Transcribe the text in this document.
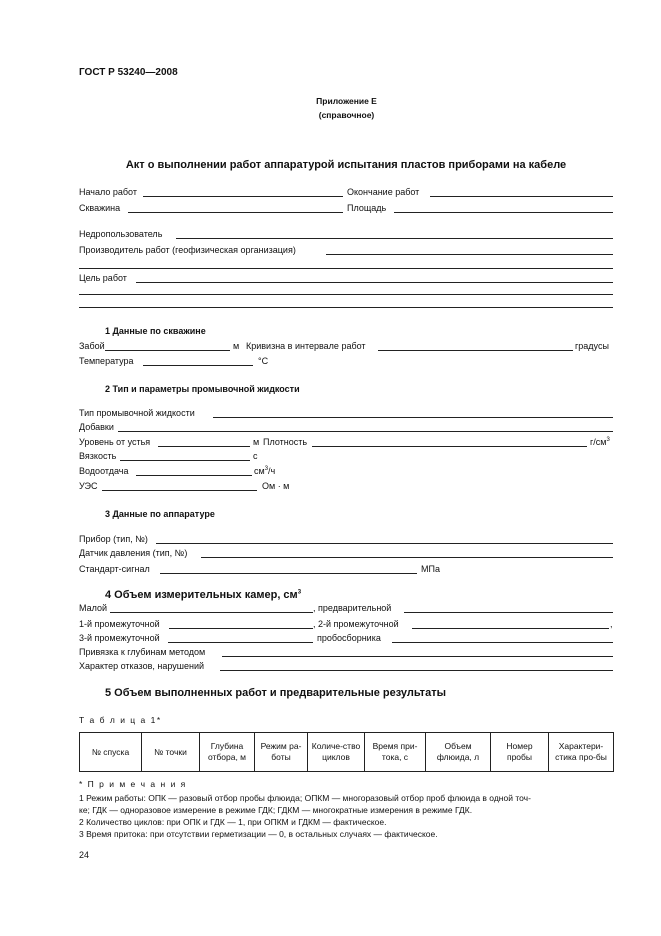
ГОСТ Р 53240—2008
Приложение Е
(справочное)
Акт о выполнении работ аппаратурой испытания пластов приборами на кабеле
Начало работ	Окончание работ
Скважина	Площадь
Недропользователь
Производитель работ (геофизическая организация)
Цель работ
1 Данные по скважине
Забой	м Кривизна в интервале работ	градусы
Температура	°С
2 Тип и параметры промывочной жидкости
Тип промывочной жидкости
Добавки
Уровень от устья	м Плотность	$г/см^3$
Вязкость	с
Водоотдача	$см^3/ч$
УЭС	Ом · м
3 Данные по аппаратуре
Прибор (тип, №)
Датчик давления (тип, №)
Стандарт-сигнал	МПа
4 Объем измерительных камер, $см^3$
Малой	, предварительной
1-й промежуточной	, 2-й промежуточной	,
3-й промежуточной	пробосборника
Привязка к глубинам методом
Характер отказов, нарушений
5 Объем выполненных работ и предварительные результаты
Т а б л и ц а 1*
№ спуска	№ точки	Глубина отбора, м	Режим ра-боты	Количе-ство циклов	Время при-тока, с	Объем флюида, л	Номер пробы	Характери-стика про-бы
* П р и м е ч а н и я
1 Режим работы: ОПК — разовый отбор пробы флюида; ОПКМ — многоразовый отбор проб флюида в одной точ-
ке; ГДК — одноразовое измерение в режиме ГДК; ГДКМ — многократные измерения в режиме ГДК.
2 Количество циклов: при ОПК и ГДК — 1, при ОПКМ и ГДКМ — фактическое.
3 Время притока: при отсутствии герметизации — 0, в остальных случаях — фактическое.
24
